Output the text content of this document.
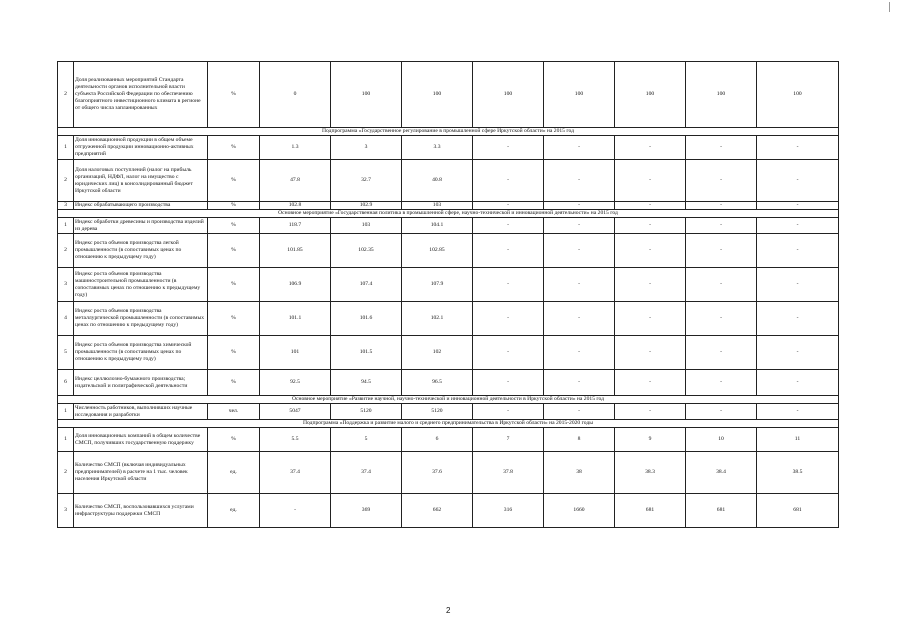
2	Доля реализованных мероприятий Стандарта деятельности органов исполнительной власти субъекта Российской Федерации по обеспечению благоприятного инвестиционного климата в регионе от общего числа запланированных	%	0	100	100	100	100	100	100	100
Подпрограмма «Государственное регулирование в промышленной сфере Иркутской области» на 2015 год										
1	Доля инновационной продукции в общем объеме отгруженной продукции инновационно-активных предприятий	%	1.3	3	3.3	-	-	-	-	-
2	Доля налоговых поступлений (налог на прибыль организаций, НДФЛ, налог на имущество с юридических лиц) в консолидированный бюджет Иркутской области	%	47.8	32.7	40.8	-	-	-	-	-
3	Индекс обрабатывающего производства	%	102.8	102.9	103	-	-	-	-	-
Основное мероприятие «Государственная политика в промышленной сфере, научно-технической и инновационной деятельности» на 2015 год										
1	Индекс обработки древесины и производства изделий из дерева	%	118.7	103	104.1	-	-	-	-	-
2	Индекс роста объемов производства легкой промышленности (в сопоставимых ценах по отношению к предыдущему году)	%	101.85	102.35	102.85	-	-	-	-	-
3	Индекс роста объемов производства машиностроительной промышленности (в сопоставимых ценах по отношению к предыдущему году)	%	106.9	107.4	107.9	-	-	-	-	-
4	Индекс роста объемов производства металлургической промышленности (в сопоставимых ценах по отношению к предыдущему году)	%	101.1	101.6	102.1	-	-	-	-	-
5	Индекс роста объемов производства химической промышленности (в сопоставимых ценах по отношению к предыдущему году)	%	101	101.5	102	-	-	-	-	-
6	Индекс целлюлозно-бумажного производства; издательской и полиграфической деятельности	%	92.5	94.5	96.5	-	-	-	-	-
Основное мероприятие «Развитие научной, научно-технической и инновационной деятельности в Иркутской области» на 2015 год										
1	Численность работников, выполнивших научные исследования и разработки	чел.	5047	5120	5120	-	-	-	-	-
Подпрограмма «Поддержка и развитие малого и среднего предпринимательства в Иркутской области» на 2015-2020 годы										
1	Доля инновационных компаний в общем количестве СМСП, получивших государственную поддержку	%	5.5	5	6	7	8	9	10	11
2	Количество СМСП (включая индивидуальных предпринимателей) в расчете на 1 тыс. человек населения Иркутской области	ед.	37.4	37.4	37.6	37.8	38	38.3	38.4	38.5
3	Количество СМСП, воспользовавшихся услугами инфраструктуры поддержки СМСП	ед.	-	369	662	316	1660	681	681	681
2
